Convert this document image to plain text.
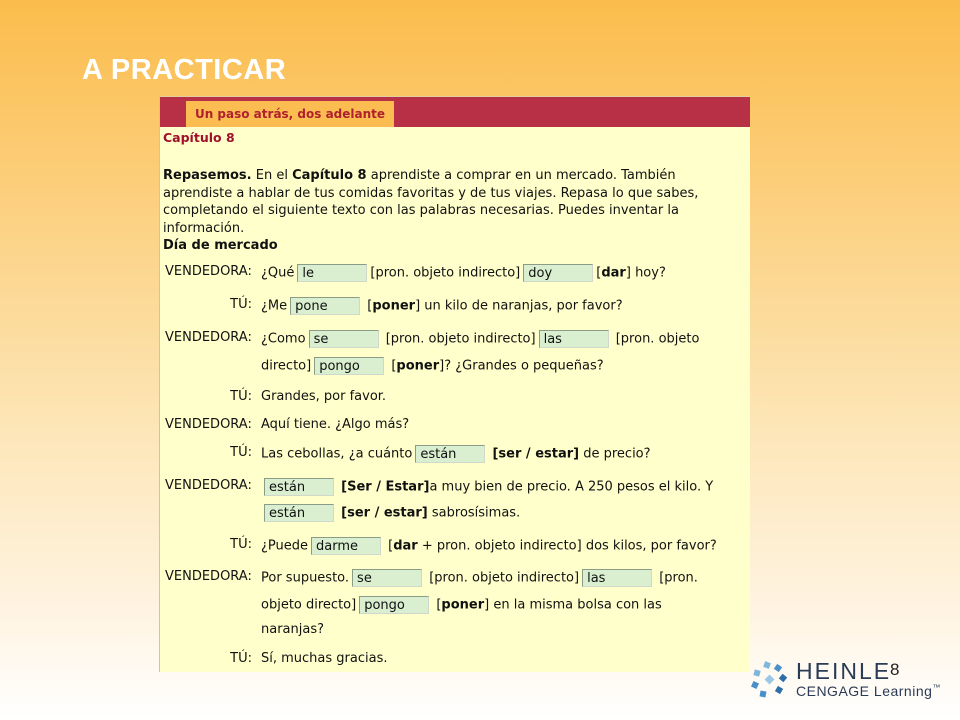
A PRACTICAR
Un paso atrás, dos adelante
Capítulo 8
Repasemos. En el Capítulo 8 aprendiste a comprar en un mercado. También aprendiste a hablar de tus comidas favoritas y de tus viajes. Repasa lo que sabes, completando el siguiente texto con las palabras necesarias. Puedes inventar la información.
Día de mercado
VENDEDORA: ¿Qué le	[pron. objeto indirecto] doy	[dar] hoy?
TÚ: ¿Me pone	[poner] un kilo de naranjas, por favor?
VENDEDORA: ¿Como se	[pron. objeto indirecto] las	[pron. objeto
directo] pongo [poner]? ¿Grandes o pequeñas?
TÚ: Grandes, por favor.
VENDEDORA: Aquí tiene. ¿Algo más?
TÚ: Las cebollas, ¿a cuánto están	[ser / estar] de precio?
VENDEDORA:	están	[Ser / Estar]a muy bien de precio. A 250 pesos el kilo. Y
están	[ser / estar] sabrosísimas.
TÚ: ¿Puede darme [dar + pron. objeto indirecto] dos kilos, por favor?
VENDEDORA: Por supuesto. se	[pron. objeto indirecto] las	[pron.
objeto directo] pongo [poner] en la misma bolsa con las
naranjas?
TÚ: Sí, muchas gracias.	HEINLE
CENGAGE Learning™
8
